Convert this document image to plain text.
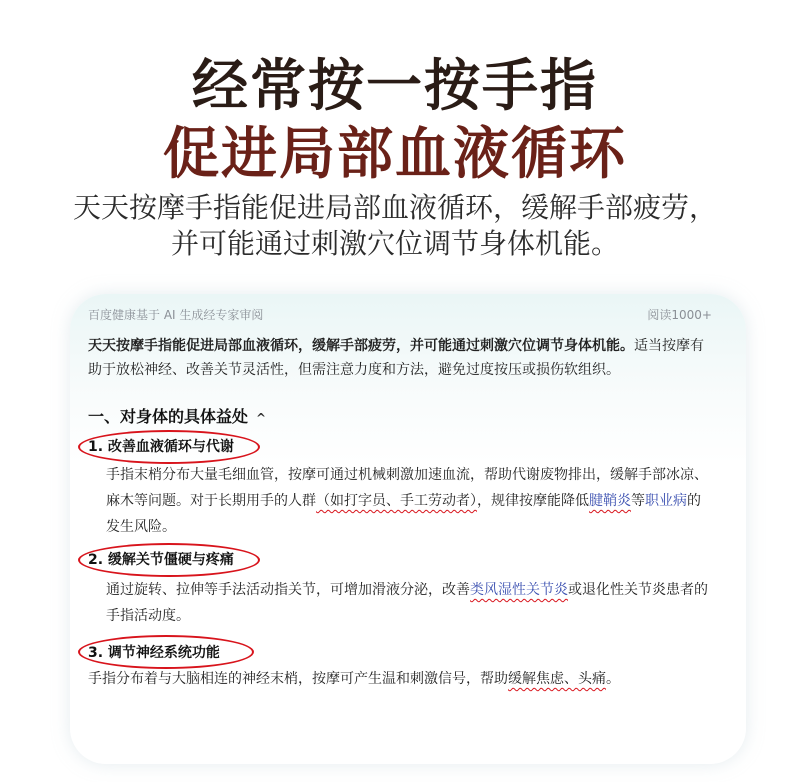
经常按一按手指
促进局部血液循环
天天按摩手指能促进局部血液循环，缓解手部疲劳，
并可能通过刺激穴位调节身体机能。
百度健康基于 AI 生成经专家审阅	阅读1000+
天天按摩手指能促进局部血液循环，缓解手部疲劳，并可能通过刺激穴位调节身体机能。适当按摩有助于放松神经、改善关节灵活性，但需注意力度和方法，避免过度按压或损伤软组织。
一、对身体的具体益处 ^
1. 改善血液循环与代谢
手指末梢分布大量毛细血管，按摩可通过机械刺激加速血流，帮助代谢废物排出，缓解手部冰凉、麻木等问题。对于长期用手的人群（如打字员、手工劳动者），规律按摩能降低腱鞘炎等职业病的发生风险。
2. 缓解关节僵硬与疼痛
通过旋转、拉伸等手法活动指关节，可增加滑液分泌，改善类风湿性关节炎或退化性关节炎患者的手指活动度。
3. 调节神经系统功能
手指分布着与大脑相连的神经末梢，按摩可产生温和刺激信号，帮助缓解焦虑、头痛。
